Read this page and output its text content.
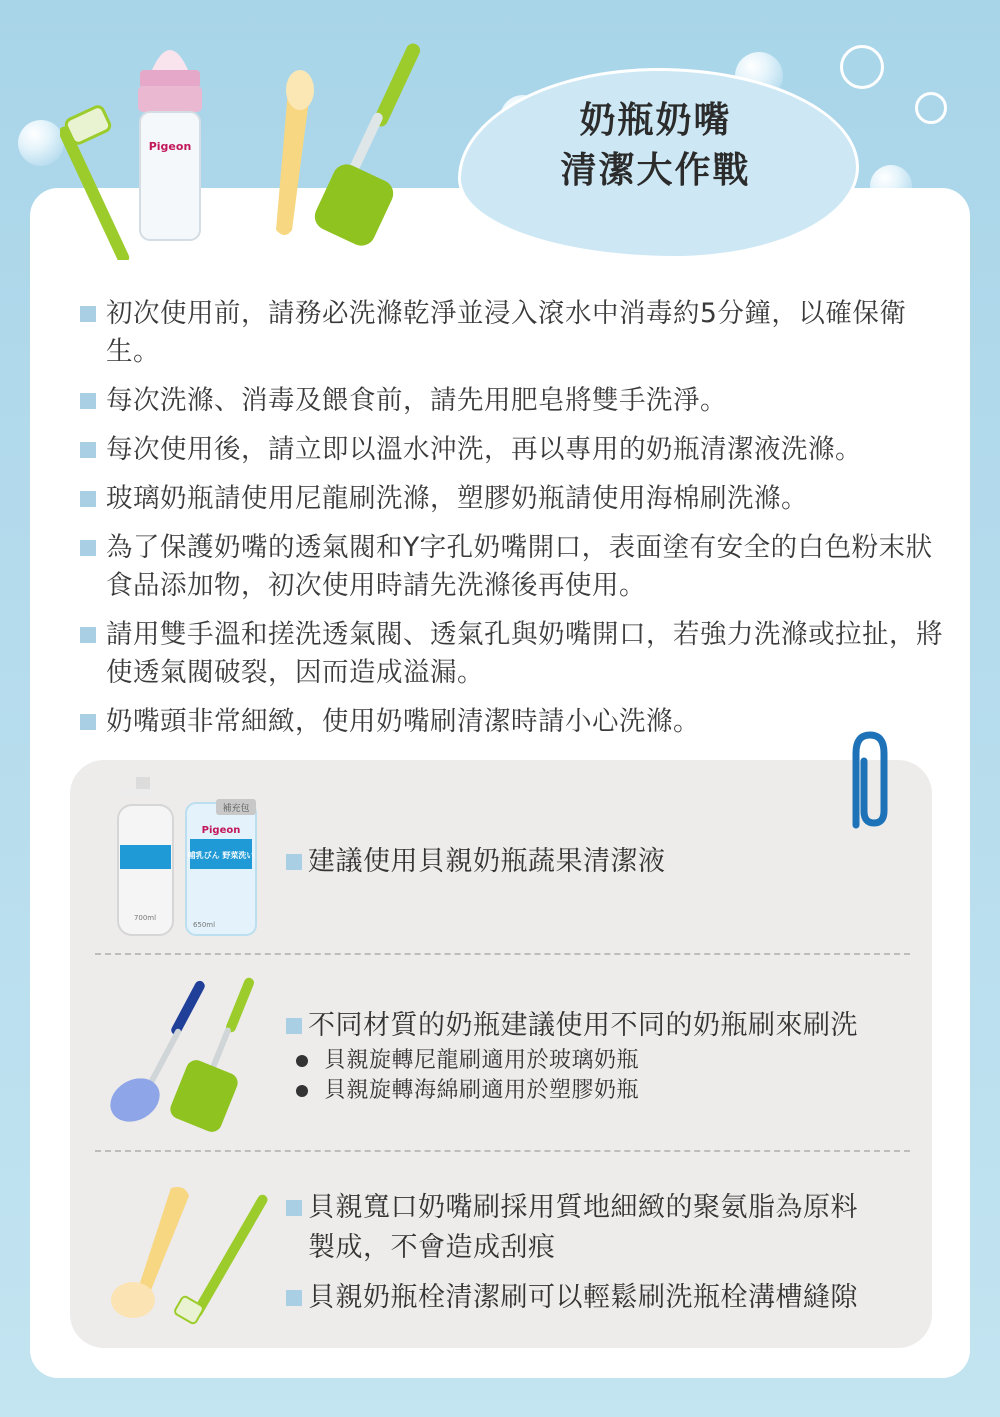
Pigeon
奶瓶奶嘴
清潔大作戰
初次使用前，請務必洗滌乾淨並浸入滾水中消毒約5分鐘，以確保衛生。
每次洗滌、消毒及餵食前，請先用肥皂將雙手洗淨。
每次使用後，請立即以溫水沖洗，再以專用的奶瓶清潔液洗滌。
玻璃奶瓶請使用尼龍刷洗滌，塑膠奶瓶請使用海棉刷洗滌。
為了保護奶嘴的透氣閥和Y字孔奶嘴開口，表面塗有安全的白色粉末狀食品添加物，初次使用時請先洗滌後再使用。
請用雙手溫和搓洗透氣閥、透氣孔與奶嘴開口，若強力洗滌或拉扯，將使透氣閥破裂，因而造成溢漏。
奶嘴頭非常細緻，使用奶嘴刷清潔時請小心洗滌。
700ml
補充包
Pigeon
哺乳びん 野菜洗い
650ml
建議使用貝親奶瓶蔬果清潔液
不同材質的奶瓶建議使用不同的奶瓶刷來刷洗
貝親旋轉尼龍刷適用於玻璃奶瓶
貝親旋轉海綿刷適用於塑膠奶瓶
貝親寬口奶嘴刷採用質地細緻的聚氨脂為原料
製成，不會造成刮痕
貝親奶瓶栓清潔刷可以輕鬆刷洗瓶栓溝槽縫隙
